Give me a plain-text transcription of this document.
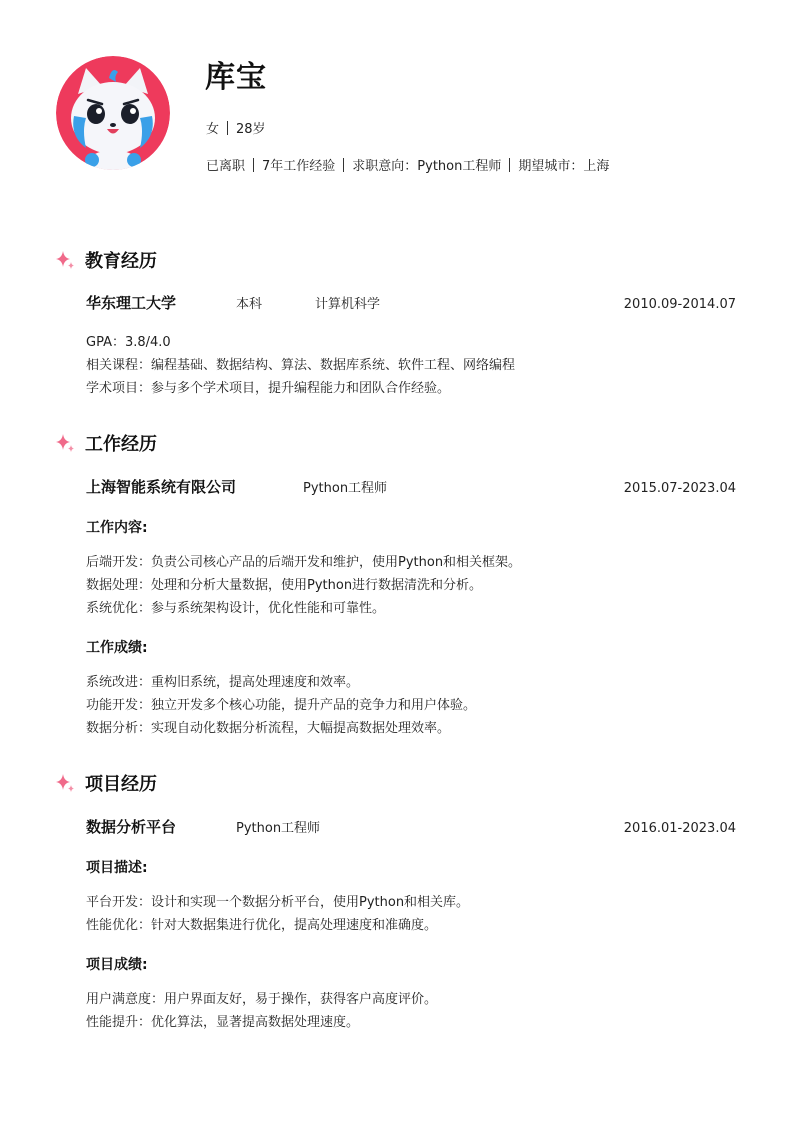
库宝
女 28岁
已离职 7年工作经验 求职意向：Python工程师 期望城市：上海
教育经历
华东理工大学	本科	计算机科学	2010.09-2014.07
GPA：3.8/4.0
相关课程：编程基础、数据结构、算法、数据库系统、软件工程、网络编程
学术项目：参与多个学术项目，提升编程能力和团队合作经验。
工作经历
上海智能系统有限公司	Python工程师	2015.07-2023.04
工作内容:
后端开发：负责公司核心产品的后端开发和维护，使用Python和相关框架。
数据处理：处理和分析大量数据，使用Python进行数据清洗和分析。
系统优化：参与系统架构设计，优化性能和可靠性。
工作成绩:
系统改进：重构旧系统，提高处理速度和效率。
功能开发：独立开发多个核心功能，提升产品的竞争力和用户体验。
数据分析：实现自动化数据分析流程，大幅提高数据处理效率。
项目经历
数据分析平台	Python工程师	2016.01-2023.04
项目描述:
平台开发：设计和实现一个数据分析平台，使用Python和相关库。
性能优化：针对大数据集进行优化，提高处理速度和准确度。
项目成绩:
用户满意度：用户界面友好，易于操作，获得客户高度评价。
性能提升：优化算法，显著提高数据处理速度。
